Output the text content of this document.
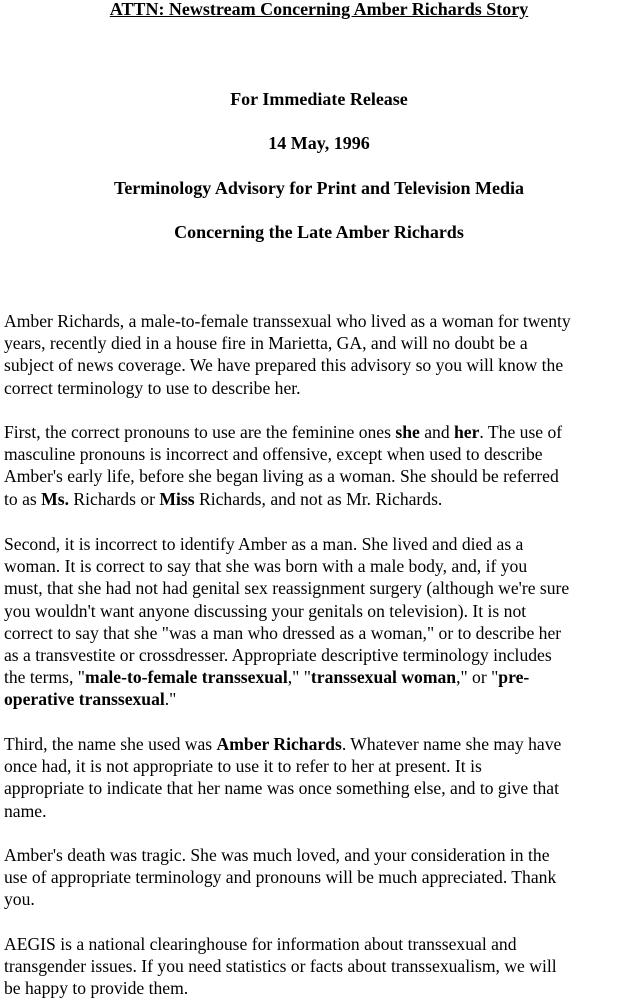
ATTN: Newstream Concerning Amber Richards Story
For Immediate Release
14 May, 1996
Terminology Advisory for Print and Television Media
Concerning the Late Amber Richards
Amber Richards, a male-to-female transsexual who lived as a woman for twenty
years, recently died in a house fire in Marietta, GA, and will no doubt be a
subject of news coverage. We have prepared this advisory so you will know the
correct terminology to use to describe her.
First, the correct pronouns to use are the feminine ones she and her. The use of
masculine pronouns is incorrect and offensive, except when used to describe
Amber's early life, before she began living as a woman. She should be referred
to as Ms. Richards or Miss Richards, and not as Mr. Richards.
Second, it is incorrect to identify Amber as a man. She lived and died as a
woman. It is correct to say that she was born with a male body, and, if you
must, that she had not had genital sex reassignment surgery (although we're sure
you wouldn't want anyone discussing your genitals on television). It is not
correct to say that she "was a man who dressed as a woman," or to describe her
as a transvestite or crossdresser. Appropriate descriptive terminology includes
the terms, "male-to-female transsexual," "transsexual woman," or "pre-
operative transsexual."
Third, the name she used was Amber Richards. Whatever name she may have
once had, it is not appropriate to use it to refer to her at present. It is
appropriate to indicate that her name was once something else, and to give that
name.
Amber's death was tragic. She was much loved, and your consideration in the
use of appropriate terminology and pronouns will be much appreciated. Thank
you.
AEGIS is a national clearinghouse for information about transsexual and
transgender issues. If you need statistics or facts about transsexualism, we will
be happy to provide them.
